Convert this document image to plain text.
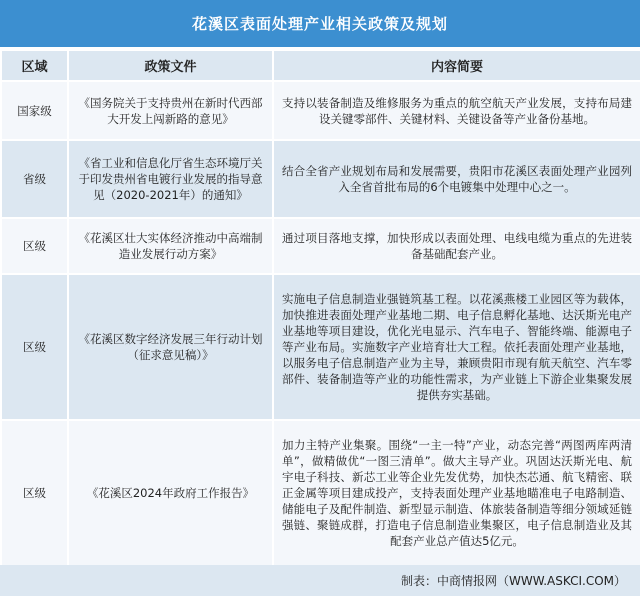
花溪区表面处理产业相关政策及规划
区域	政策文件	内容简要
国家级	《国务院关于支持贵州在新时代西部大开发上闯新路的意见》	支持以装备制造及维修服务为重点的航空航天产业发展，支持布局建设关键零部件、关键材料、关键设备等产业备份基地。
省级	《省工业和信息化厅省生态环境厅关于印发贵州省电镀行业发展的指导意见（2020-2021年）的通知》	结合全省产业规划布局和发展需要，贵阳市花溪区表面处理产业园列入全省首批布局的6个电镀集中处理中心之一。
区级	《花溪区壮大实体经济推动中高端制造业发展行动方案》	通过项目落地支撑，加快形成以表面处理、电线电缆为重点的先进装备基础配套产业。
区级	《花溪区数字经济发展三年行动计划（征求意见稿）》	实施电子信息制造业强链筑基工程。以花溪燕楼工业园区等为载体，加快推进表面处理产业基地二期、电子信息孵化基地、达沃斯光电产业基地等项目建设，优化光电显示、汽车电子、智能终端、能源电子等产业布局。实施数字产业培育壮大工程。依托表面处理产业基地，以服务电子信息制造产业为主导，兼顾贵阳市现有航天航空、汽车零部件、装备制造等产业的功能性需求，为产业链上下游企业集聚发展提供夯实基础。
区级	《花溪区2024年政府工作报告》	加力主特产业集聚。围绕“一主一特”产业，动态完善“两图两库两清单”，做精做优“一图三清单”。做大主导产业。巩固达沃斯光电、航宇电子科技、新芯工业等企业先发优势，加快杰芯通、航飞精密、联正金属等项目建成投产，支持表面处理产业基地瞄准电子电路制造、储能电子及配件制造、新型显示制造、体旅装备制造等细分领域延链强链、聚链成群，打造电子信息制造业集聚区，电子信息制造业及其配套产业总产值达5亿元。
制表：中商情报网（WWW.ASKCI.COM）
